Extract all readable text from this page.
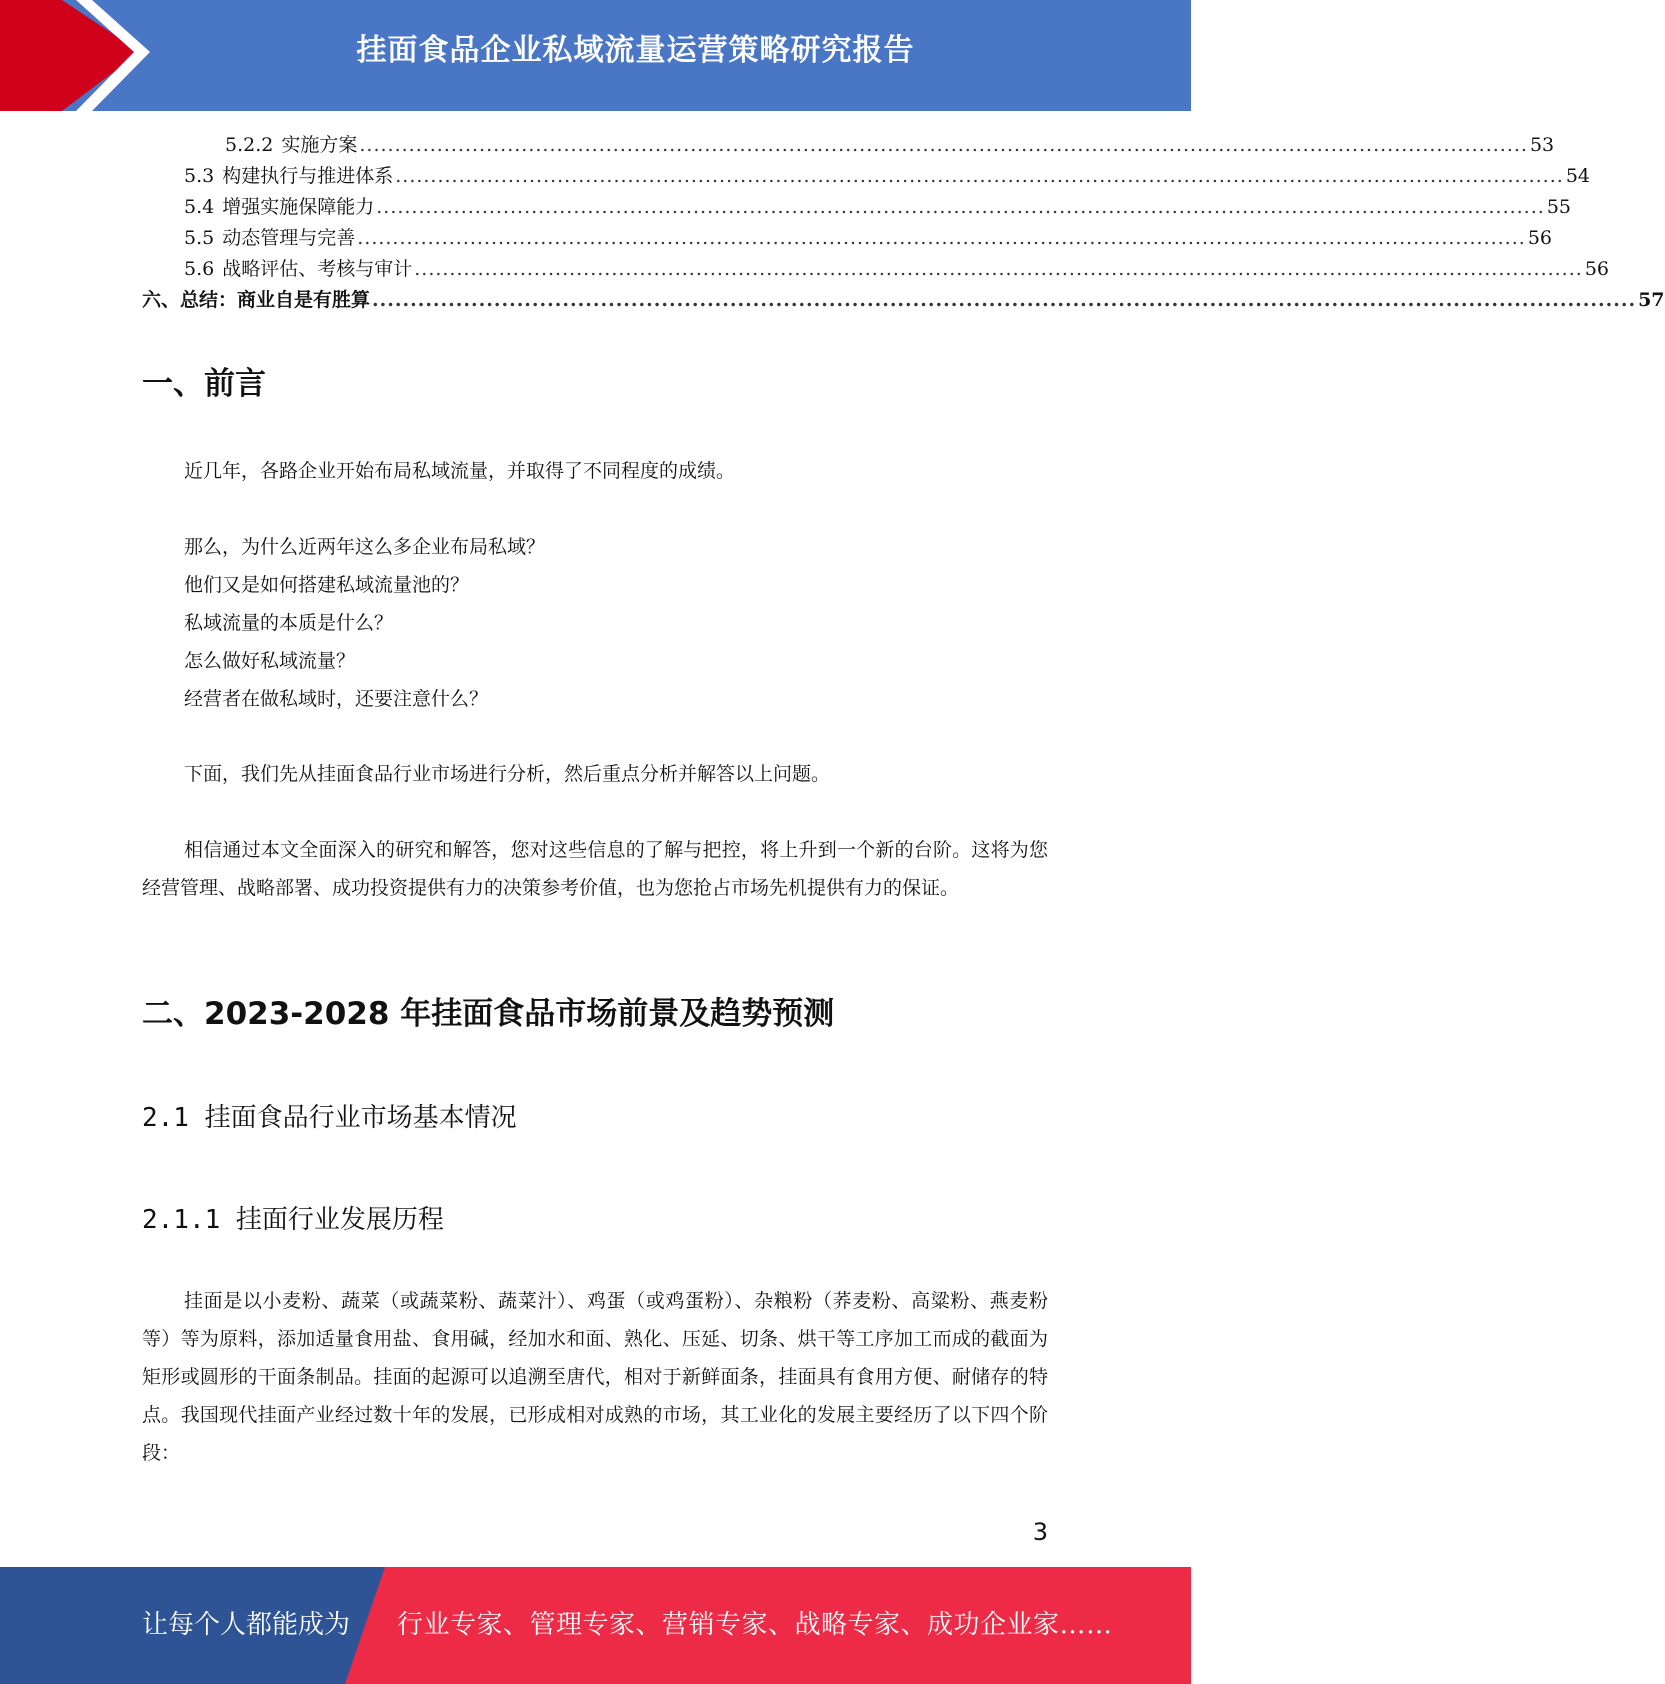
挂面食品企业私域流量运营策略研究报告
5.2.2 实施方案 ...................................................................................................................................................................... 53
5.3 构建执行与推进体系 ...................................................................................................................................................................... 54
5.4 增强实施保障能力 ...................................................................................................................................................................... 55
5.5 动态管理与完善 ...................................................................................................................................................................... 56
5.6 战略评估、考核与审计 ...................................................................................................................................................................... 56
六、总结：商业自是有胜算 ...................................................................................................................................................................... 57
一、前言

近几年，各路企业开始布局私域流量，并取得了不同程度的成绩。

那么，为什么近两年这么多企业布局私域？

他们又是如何搭建私域流量池的？

私域流量的本质是什么？

怎么做好私域流量？

经营者在做私域时，还要注意什么？

下面，我们先从挂面食品行业市场进行分析，然后重点分析并解答以上问题。

相信通过本文全面深入的研究和解答，您对这些信息的了解与把控，将上升到一个新的台阶。这将为您经营管理、战略部署、成功投资提供有力的决策参考价值，也为您抢占市场先机提供有力的保证。

二、2023-2028 年挂面食品市场前景及趋势预测
2.1 挂面食品行业市场基本情况
2.1.1 挂面行业发展历程

挂面是以小麦粉、蔬菜（或蔬菜粉、蔬菜汁）、鸡蛋（或鸡蛋粉）、杂粮粉（荞麦粉、高粱粉、燕麦粉等）等为原料，添加适量食用盐、食用碱，经加水和面、熟化、压延、切条、烘干等工序加工而成的截面为矩形或圆形的干面条制品。挂面的起源可以追溯至唐代，相对于新鲜面条，挂面具有食用方便、耐储存的特点。我国现代挂面产业经过数十年的发展，已形成相对成熟的市场，其工业化的发展主要经历了以下四个阶段：

3
让每个人都能成为 行业专家、管理专家、营销专家、战略专家、成功企业家……
